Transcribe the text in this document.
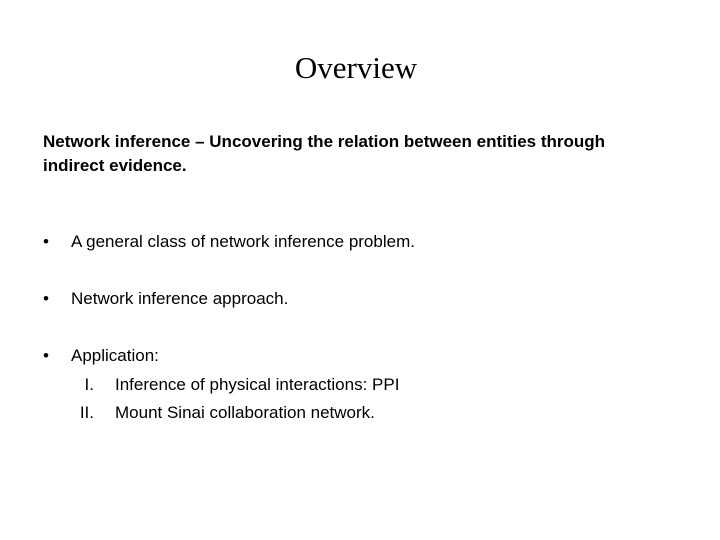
Overview
Network inference – Uncovering the relation between entities through indirect evidence.
•	A general class of network inference problem.
•	Network inference approach.
•	Application:
I. Inference of physical interactions: PPI
II. Mount Sinai collaboration network.
